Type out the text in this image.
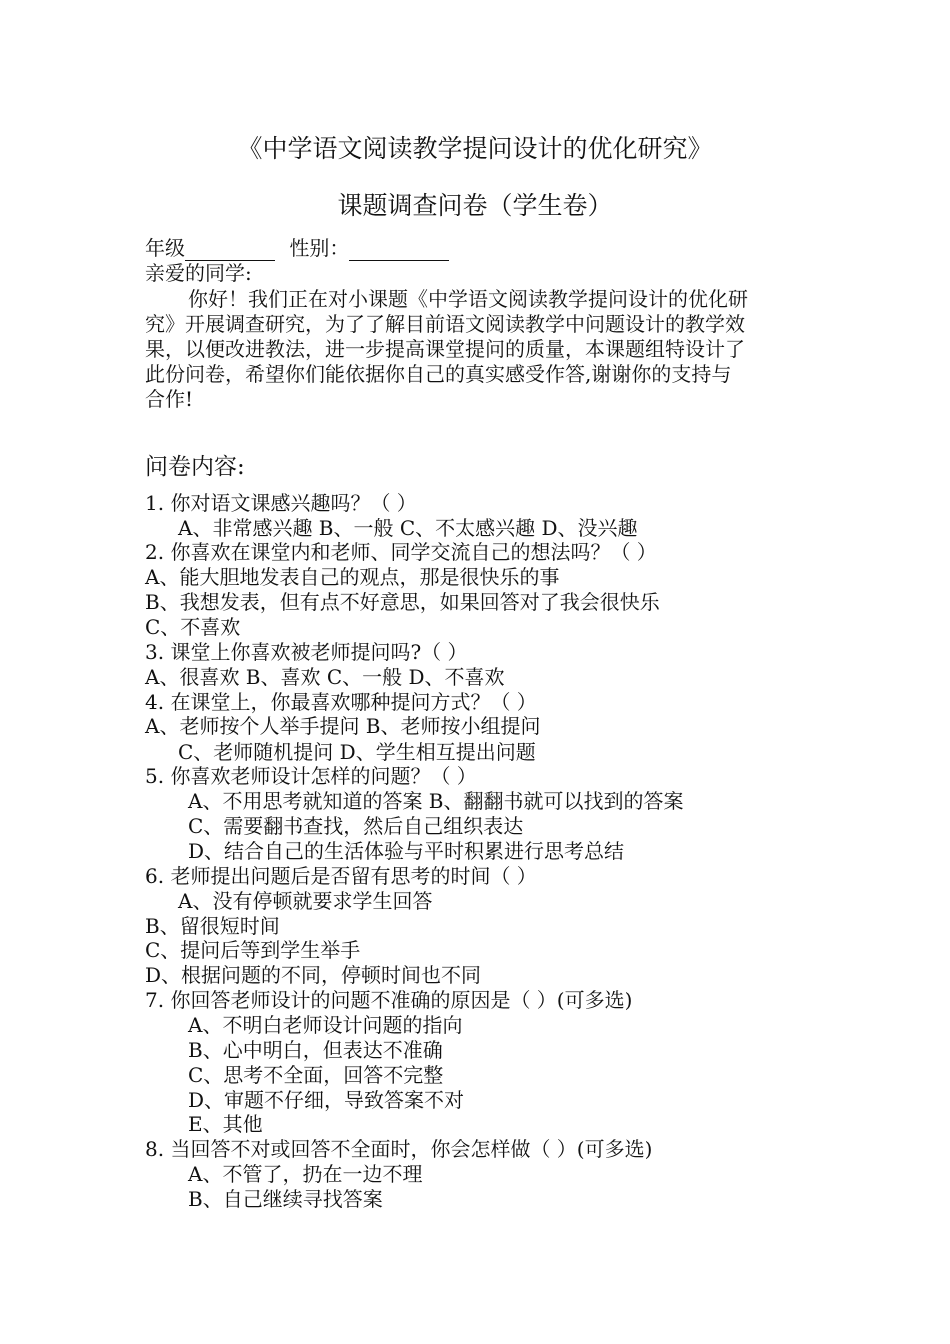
《中学语文阅读教学提问设计的优化研究》
课题调查问卷（学生卷）
年级	性别：
亲爱的同学:
你好！我们正在对小课题《中学语文阅读教学提问设计的优化研
究》开展调查研究，为了了解目前语文阅读教学中问题设计的教学效
果，以便改进教法，进一步提高课堂提问的质量，本课题组特设计了
此份问卷，希望你们能依据你自己的真实感受作答,谢谢你的支持与
合作!
问卷内容:
1. 你对语文课感兴趣吗？（ ）
A、非常感兴趣 B、一般 C、不太感兴趣 D、没兴趣
2. 你喜欢在课堂内和老师、同学交流自己的想法吗？（ ）
A、能大胆地发表自己的观点，那是很快乐的事
B、我想发表，但有点不好意思，如果回答对了我会很快乐
C、不喜欢
3. 课堂上你喜欢被老师提问吗?（ ）
A、很喜欢 B、喜欢 C、一般 D、不喜欢
4. 在课堂上，你最喜欢哪种提问方式？（ ）
A、老师按个人举手提问 B、老师按小组提问
C、老师随机提问 D、学生相互提出问题
5. 你喜欢老师设计怎样的问题？（ ）
A、不用思考就知道的答案 B、翻翻书就可以找到的答案
C、需要翻书查找，然后自己组织表达
D、结合自己的生活体验与平时积累进行思考总结
6. 老师提出问题后是否留有思考的时间（ ）
A、没有停顿就要求学生回答
B、留很短时间
C、提问后等到学生举手
D、根据问题的不同，停顿时间也不同
7. 你回答老师设计的问题不准确的原因是（ ）(可多选)
A、不明白老师设计问题的指向
B、心中明白，但表达不准确
C、思考不全面，回答不完整
D、审题不仔细，导致答案不对
E、其他
8. 当回答不对或回答不全面时，你会怎样做（ ）(可多选)
A、不管了，扔在一边不理
B、自己继续寻找答案
